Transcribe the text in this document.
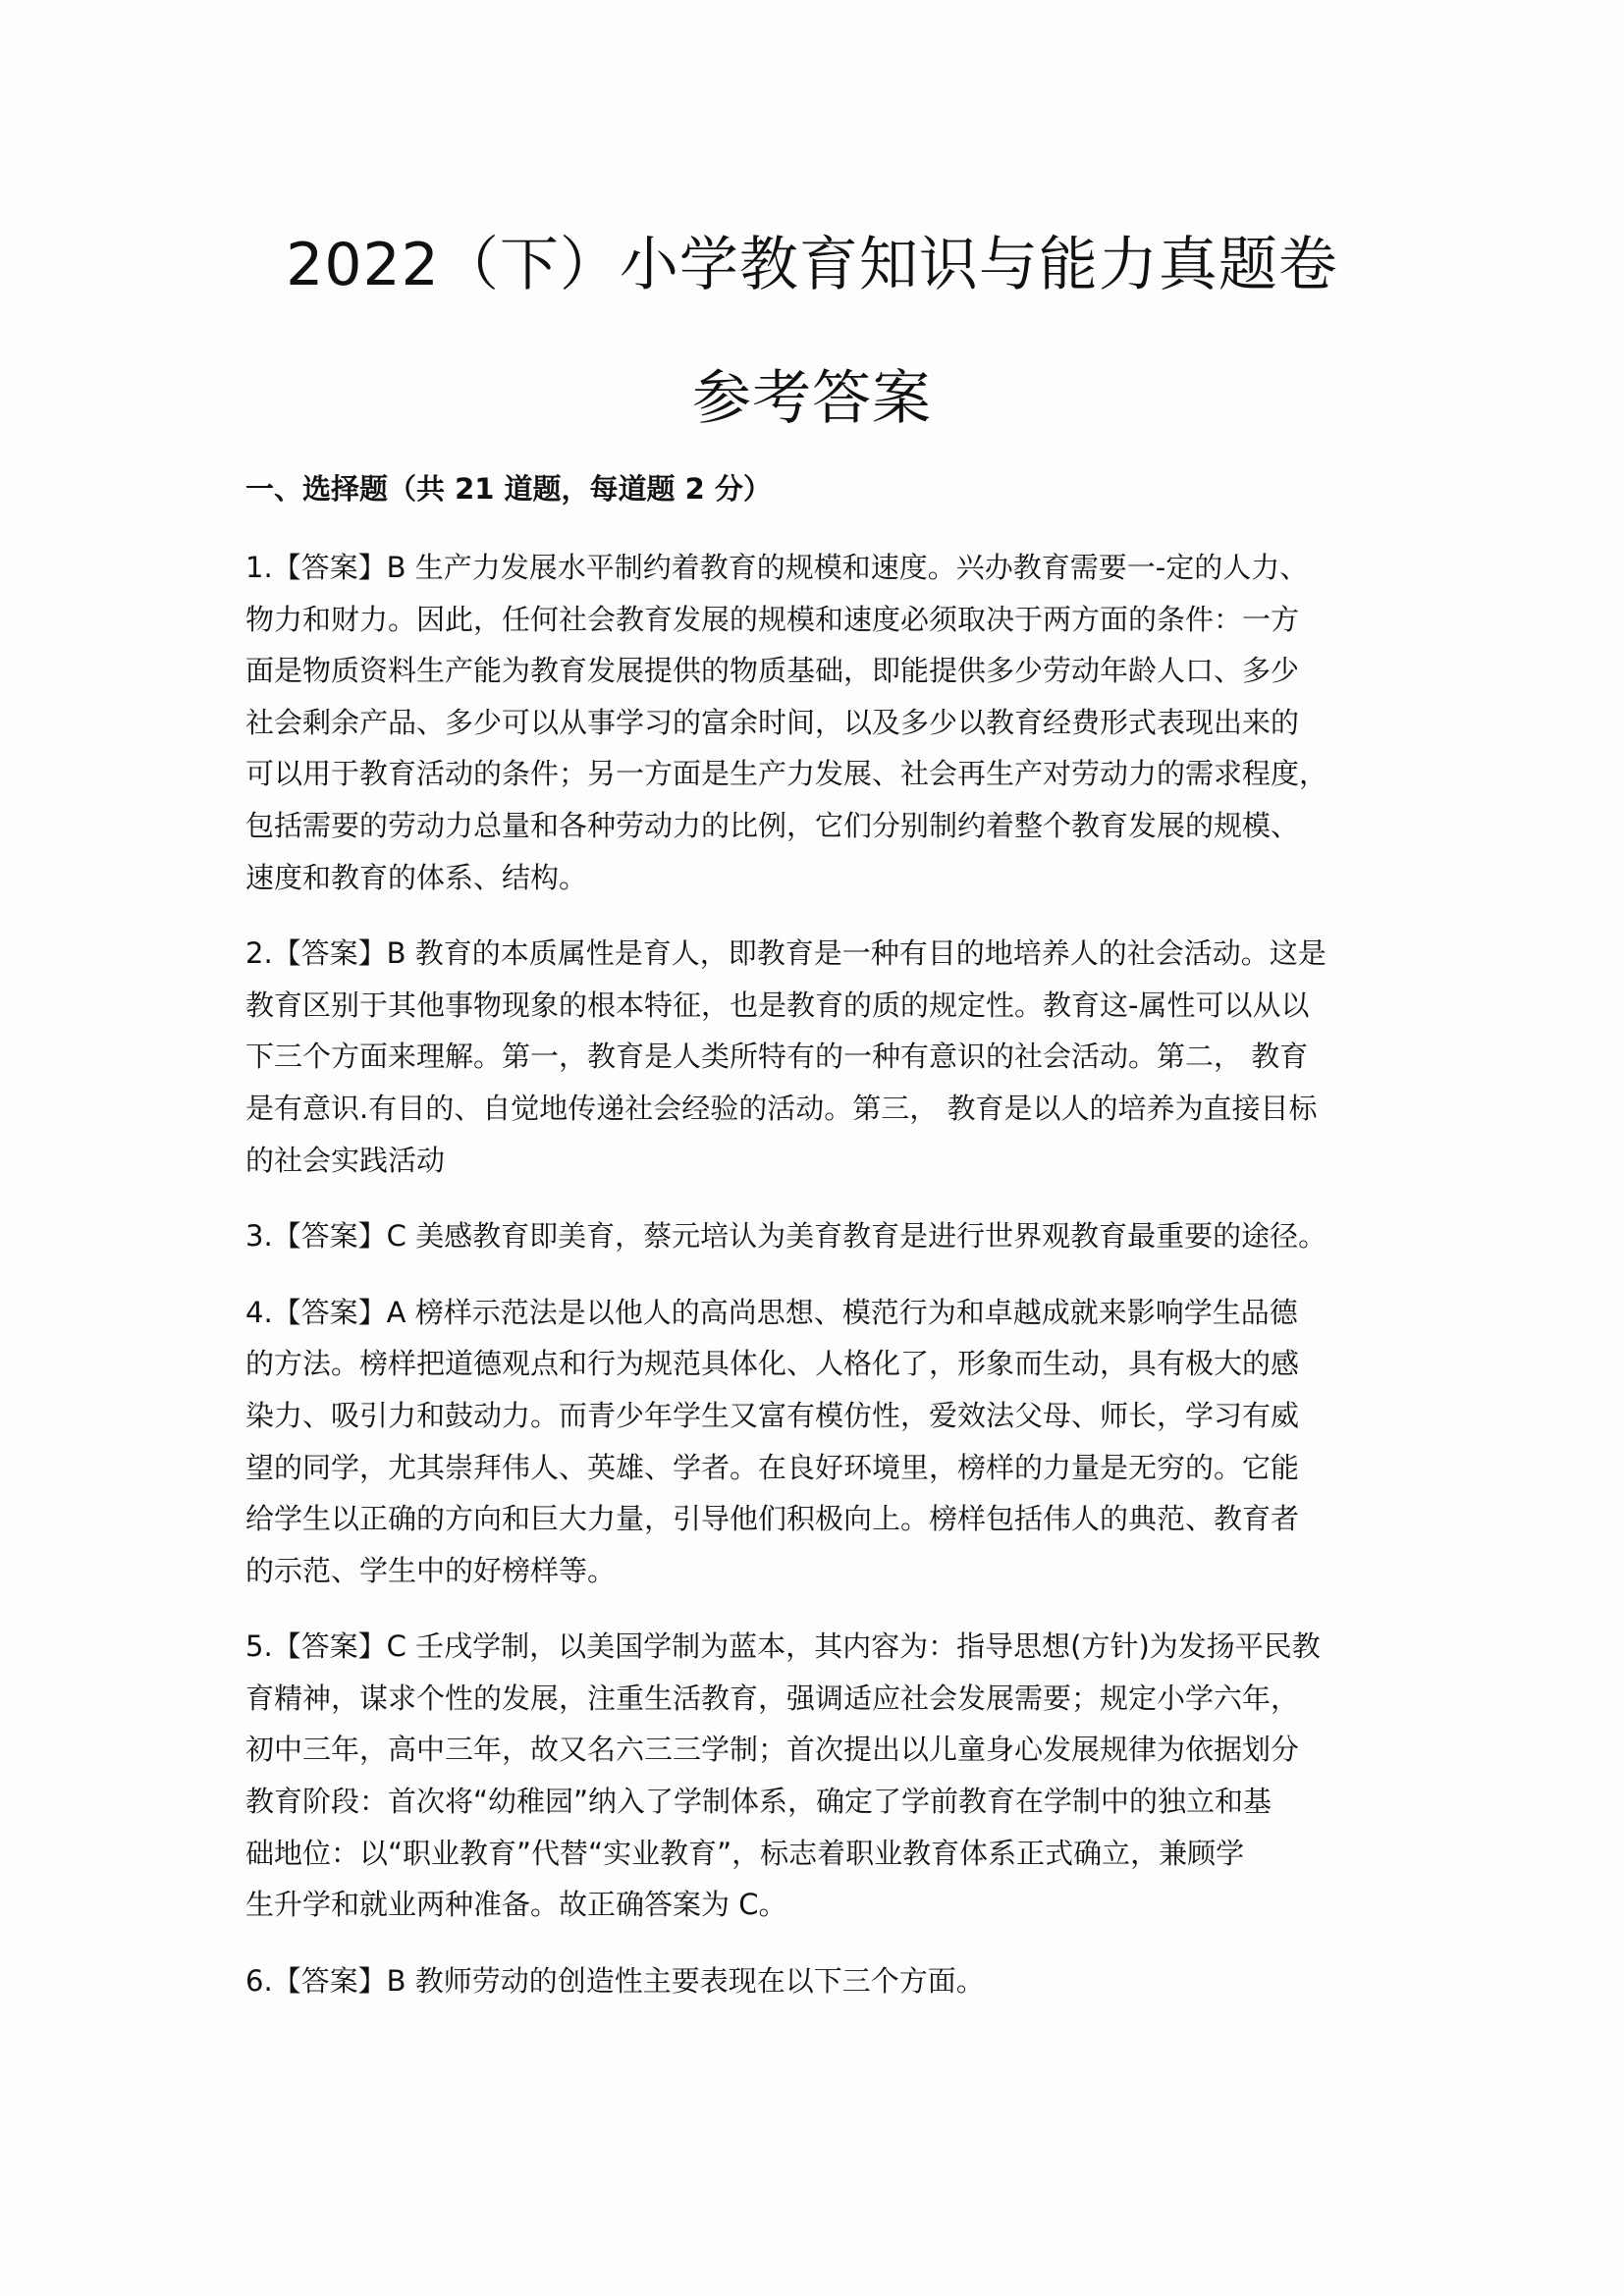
2022（下）小学教育知识与能力真题卷
参考答案
一、选择题（共 21 道题，每道题 2 分）

1.【答案】B 生产力发展水平制约着教育的规模和速度。兴办教育需要一-定的人力、
物力和财力。因此，任何社会教育发展的规模和速度必须取决于两方面的条件：一方
面是物质资料生产能为教育发展提供的物质基础，即能提供多少劳动年龄人口、多少
社会剩余产品、多少可以从事学习的富余时间，以及多少以教育经费形式表现出来的
可以用于教育活动的条件；另一方面是生产力发展、社会再生产对劳动力的需求程度，
包括需要的劳动力总量和各种劳动力的比例，它们分别制约着整个教育发展的规模、
速度和教育的体系、结构。

2.【答案】B 教育的本质属性是育人，即教育是一种有目的地培养人的社会活动。这是
教育区别于其他事物现象的根本特征，也是教育的质的规定性。教育这-属性可以从以
下三个方面来理解。第一，教育是人类所特有的一种有意识的社会活动。第二， 教育
是有意识.有目的、自觉地传递社会经验的活动。第三， 教育是以人的培养为直接目标
的社会实践活动

3.【答案】C 美感教育即美育，蔡元培认为美育教育是进行世界观教育最重要的途径。

4.【答案】A 榜样示范法是以他人的高尚思想、模范行为和卓越成就来影响学生品德
的方法。榜样把道德观点和行为规范具体化、人格化了，形象而生动，具有极大的感
染力、吸引力和鼓动力。而青少年学生又富有模仿性，爱效法父母、师长，学习有威
望的同学，尤其崇拜伟人、英雄、学者。在良好环境里，榜样的力量是无穷的。它能
给学生以正确的方向和巨大力量，引导他们积极向上。榜样包括伟人的典范、教育者
的示范、学生中的好榜样等。

5.【答案】C 壬戌学制，以美国学制为蓝本，其内容为：指导思想(方针)为发扬平民教
育精神，谋求个性的发展，注重生活教育，强调适应社会发展需要；规定小学六年，
初中三年，高中三年，故又名六三三学制；首次提出以儿童身心发展规律为依据划分
教育阶段：首次将“幼稚园”纳入了学制体系，确定了学前教育在学制中的独立和基
础地位：以“职业教育”代替“实业教育”，标志着职业教育体系正式确立，兼顾学
生升学和就业两种准备。故正确答案为 C。

6.【答案】B 教师劳动的创造性主要表现在以下三个方面。
